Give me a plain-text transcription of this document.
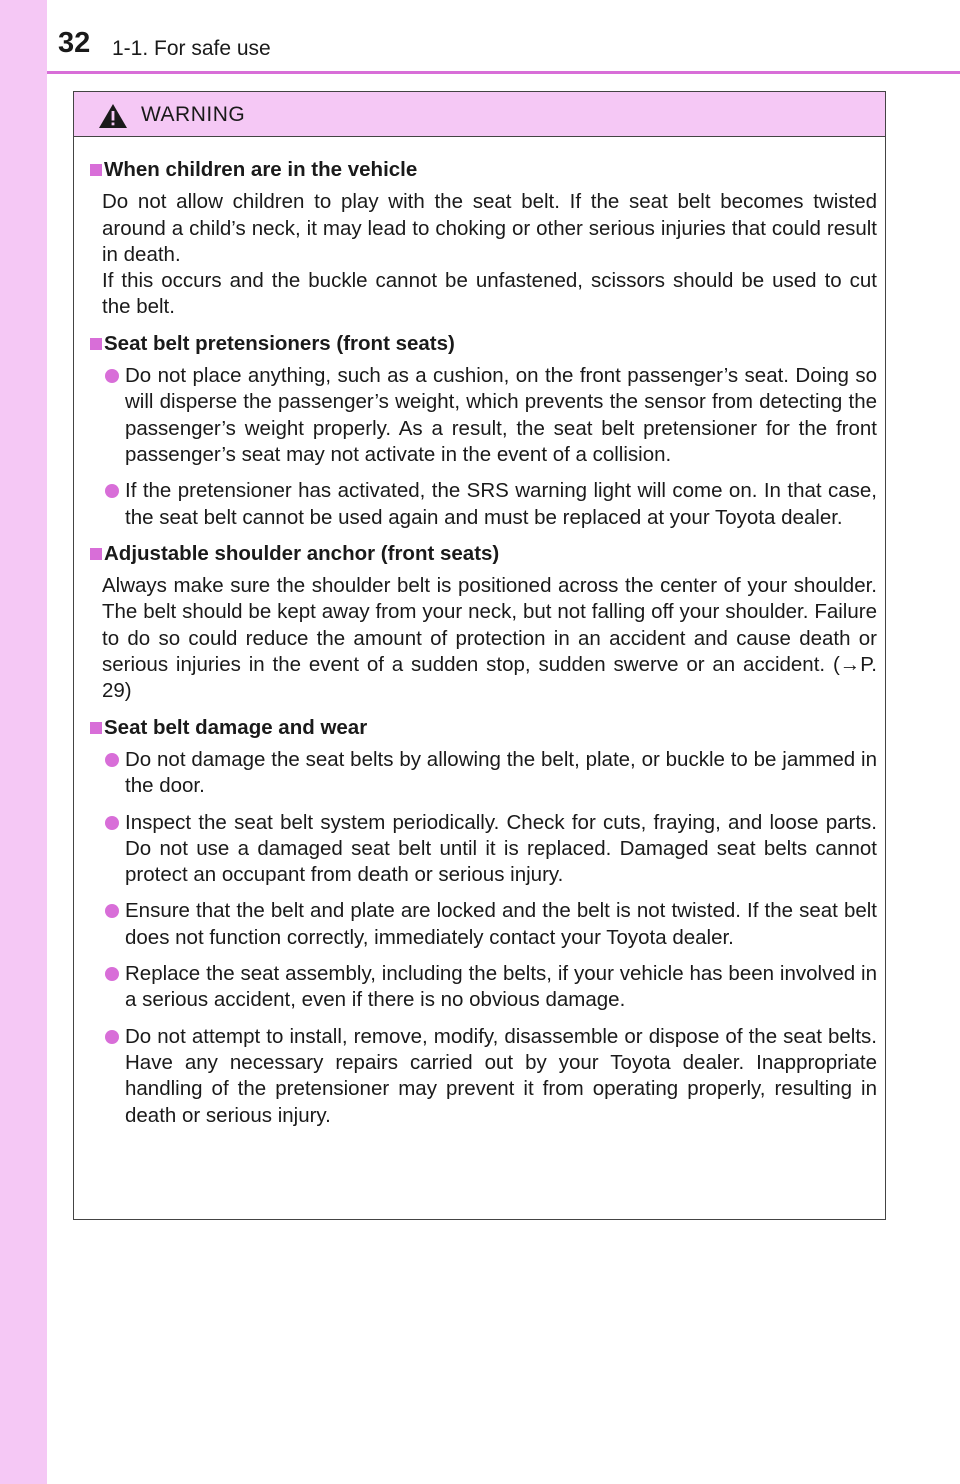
32 1-1. For safe use
WARNING
When children are in the vehicle
Do not allow children to play with the seat belt. If the seat belt becomes twisted around a child’s neck, it may lead to choking or other serious injuries that could result in death.
If this occurs and the buckle cannot be unfastened, scissors should be used to cut the belt.
Seat belt pretensioners (front seats)
Do not place anything, such as a cushion, on the front passenger’s seat. Doing so will disperse the passenger’s weight, which prevents the sensor from detecting the passenger’s weight properly. As a result, the seat belt pretensioner for the front passenger’s seat may not activate in the event of a collision.
If the pretensioner has activated, the SRS warning light will come on. In that case, the seat belt cannot be used again and must be replaced at your Toyota dealer.
Adjustable shoulder anchor (front seats)
Always make sure the shoulder belt is positioned across the center of your shoulder. The belt should be kept away from your neck, but not falling off your shoulder. Failure to do so could reduce the amount of protection in an accident and cause death or serious injuries in the event of a sudden stop, sudden swerve or an accident. (→P. 29)
Seat belt damage and wear
Do not damage the seat belts by allowing the belt, plate, or buckle to be jammed in the door.
Inspect the seat belt system periodically. Check for cuts, fraying, and loose parts. Do not use a damaged seat belt until it is replaced. Damaged seat belts cannot protect an occupant from death or serious injury.
Ensure that the belt and plate are locked and the belt is not twisted. If the seat belt does not function correctly, immediately contact your Toyota dealer.
Replace the seat assembly, including the belts, if your vehicle has been involved in a serious accident, even if there is no obvious damage.
Do not attempt to install, remove, modify, disassemble or dispose of the seat belts. Have any necessary repairs carried out by your Toyota dealer. Inappropriate handling of the pretensioner may prevent it from operating properly, resulting in death or serious injury.
